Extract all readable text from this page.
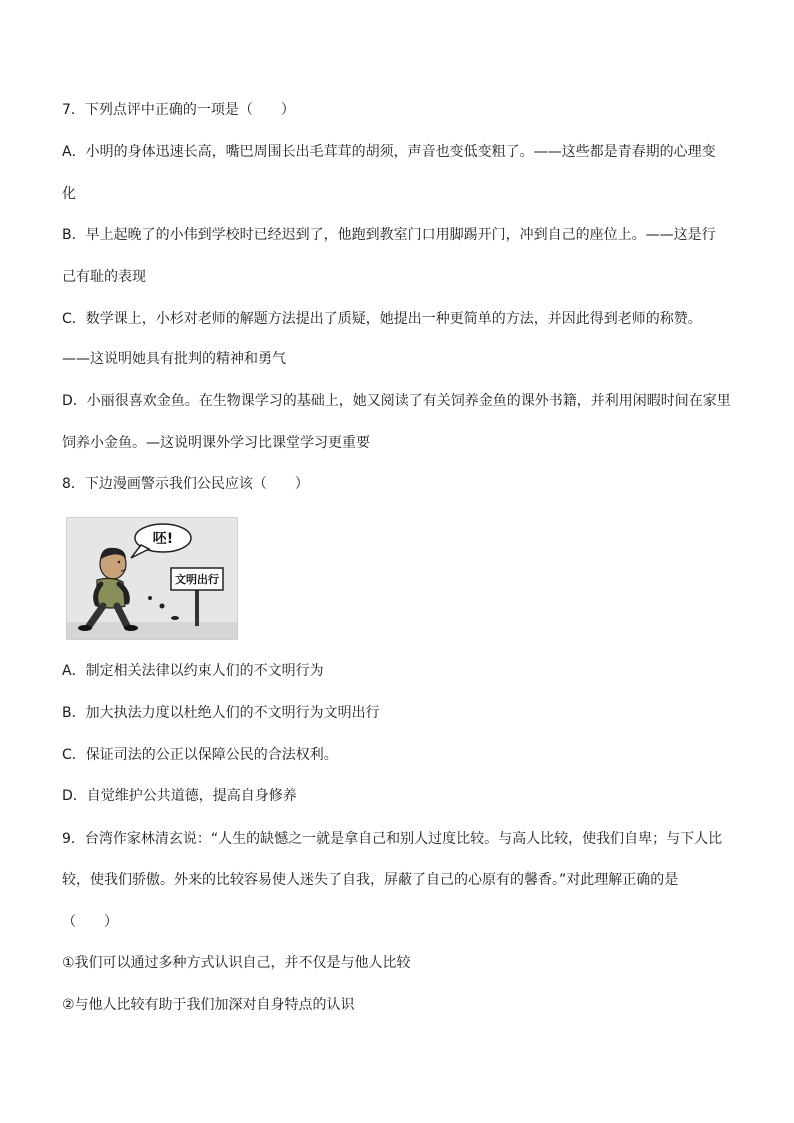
7．下列点评中正确的一项是（　　）
A．小明的身体迅速长高，嘴巴周围长出毛茸茸的胡须，声音也变低变粗了。——这些都是青春期的心理变
化
B．早上起晚了的小伟到学校时已经迟到了，他跑到教室门口用脚踢开门，冲到自己的座位上。——这是行
己有耻的表现
C．数学课上，小杉对老师的解题方法提出了质疑，她提出一种更简单的方法，并因此得到老师的称赞。
——这说明她具有批判的精神和勇气
D．小丽很喜欢金鱼。在生物课学习的基础上，她又阅读了有关饲养金鱼的课外书籍，并利用闲暇时间在家里
饲养小金鱼。—这说明课外学习比课堂学习更重要
8．下边漫画警示我们公民应该（　　）
呸!
文明出行
A．制定相关法律以约束人们的不文明行为
B．加大执法力度以杜绝人们的不文明行为文明出行
C．保证司法的公正以保障公民的合法权利。
D．自觉维护公共道德，提高自身修养
9．台湾作家林清玄说：“人生的缺憾之一就是拿自己和别人过度比较。与高人比较，使我们自卑；与下人比
较，使我们骄傲。外来的比较容易使人迷失了自我，屏蔽了自己的心原有的馨香。”对此理解正确的是
（　　）
①我们可以通过多种方式认识自己，并不仅是与他人比较
②与他人比较有助于我们加深对自身特点的认识
